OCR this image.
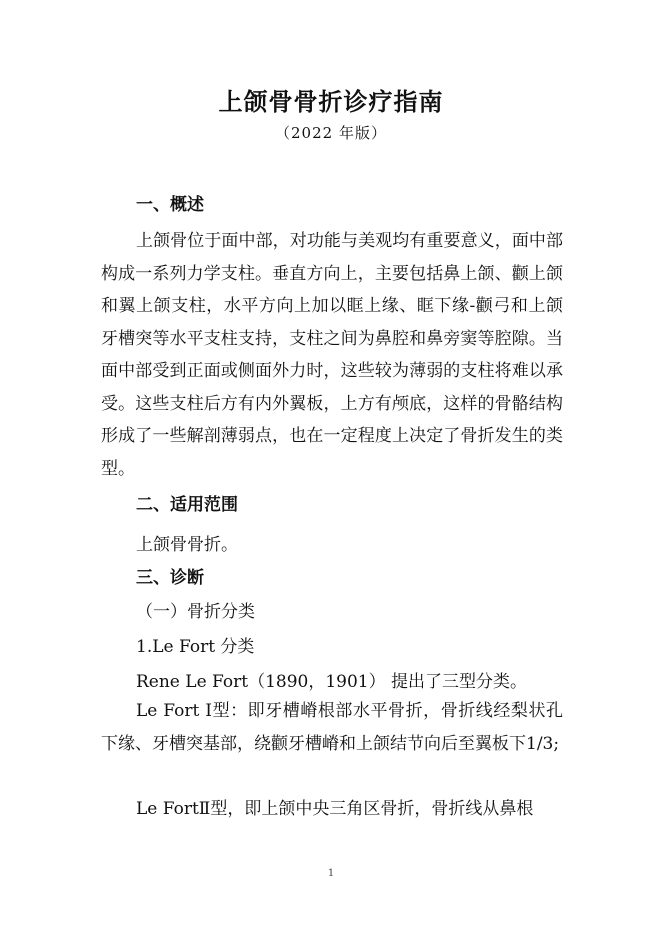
上颌骨骨折诊疗指南
（2022 年版）
一、概述
上颌骨位于面中部，对功能与美观均有重要意义，面中部构成一系列力学支柱。垂直方向上，主要包括鼻上颌、颧上颌和翼上颌支柱，水平方向上加以眶上缘、眶下缘-颧弓和上颌牙槽突等水平支柱支持，支柱之间为鼻腔和鼻旁窦等腔隙。当面中部受到正面或侧面外力时，这些较为薄弱的支柱将难以承受。这些支柱后方有内外翼板，上方有颅底，这样的骨骼结构形成了一些解剖薄弱点，也在一定程度上决定了骨折发生的类型。
二、适用范围
上颌骨骨折。
三、诊断
（一）骨折分类
1.Le Fort 分类
Rene Le Fort（1890，1901） 提出了三型分类。
Le Fort Ⅰ型：即牙槽嵴根部水平骨折，骨折线经梨状孔下缘、牙槽突基部，绕颧牙槽嵴和上颌结节向后至翼板下1/3;
Le FortⅡ型，即上颌中央三角区骨折，骨折线从鼻根
1
